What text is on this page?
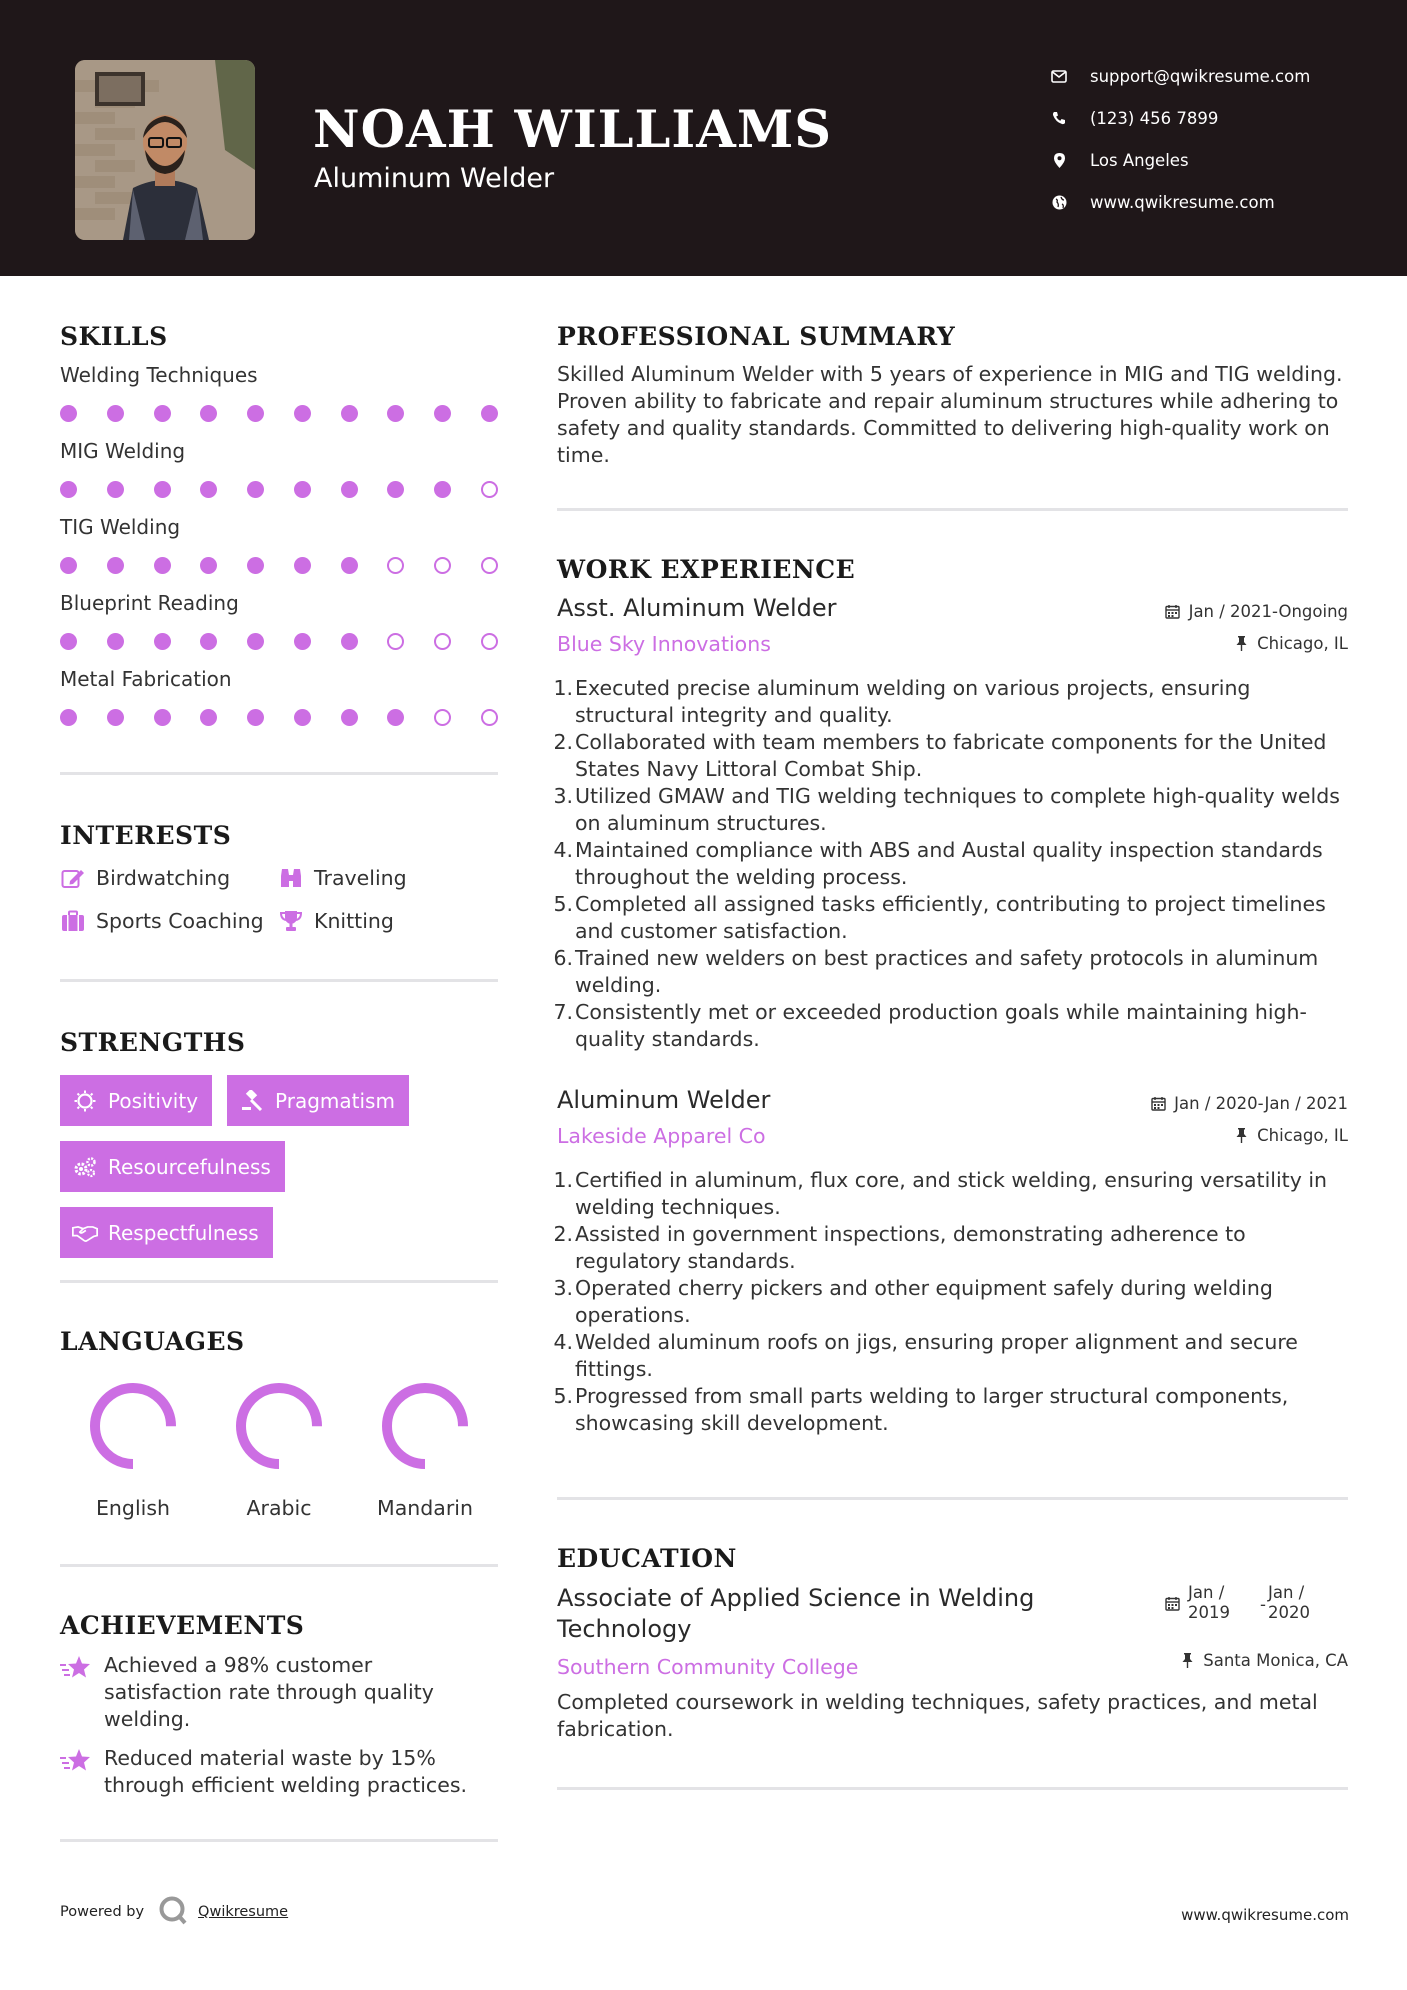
NOAH WILLIAMS
Aluminum Welder
support@qwikresume.com
(123) 456 7899
Los Angeles
www.qwikresume.com
SKILLS
Welding Techniques
MIG Welding
TIG Welding
Blueprint Reading
Metal Fabrication
INTERESTS
Birdwatching	Traveling
Sports Coaching Knitting
STRENGTHS
Positivity	Pragmatism
Resourcefulness
Respectfulness
LANGUAGES
English	Arabic	Mandarin
ACHIEVEMENTS
Achieved a 98% customer satisfaction rate through quality welding.
Reduced material waste by 15% through efficient welding practices.
Powered by	Qwikresume	www.qwikresume.com
PROFESSIONAL SUMMARY
Skilled Aluminum Welder with 5 years of experience in MIG and TIG welding. Proven ability to fabricate and repair aluminum structures while adhering to safety and quality standards. Committed to delivering high-quality work on time.
WORK EXPERIENCE
Asst. Aluminum Welder	Jan / 2021-Ongoing
Blue Sky Innovations	Chicago, IL
1. Executed precise aluminum welding on various projects, ensuring structural integrity and quality.
2. Collaborated with team members to fabricate components for the United States Navy Littoral Combat Ship.
3. Utilized GMAW and TIG welding techniques to complete high-quality welds on aluminum structures.
4. Maintained compliance with ABS and Austal quality inspection standards throughout the welding process.
5. Completed all assigned tasks efficiently, contributing to project timelines and customer satisfaction.
6. Trained new welders on best practices and safety protocols in aluminum welding.
7. Consistently met or exceeded production goals while maintaining high-quality standards.
Aluminum Welder	Jan / 2020-Jan / 2021
Lakeside Apparel Co	Chicago, IL
1. Certified in aluminum, flux core, and stick welding, ensuring versatility in welding techniques.
2. Assisted in government inspections, demonstrating adherence to regulatory standards.
3. Operated cherry pickers and other equipment safely during welding operations.
4. Welded aluminum roofs on jigs, ensuring proper alignment and secure fittings.
5. Progressed from small parts welding to larger structural components, showcasing skill development.
EDUCATION
Associate of Applied Science in Welding Technology
Jan / 2019	-
Jan / 2020
Southern Community College	Santa Monica, CA
Completed coursework in welding techniques, safety practices, and metal fabrication.
